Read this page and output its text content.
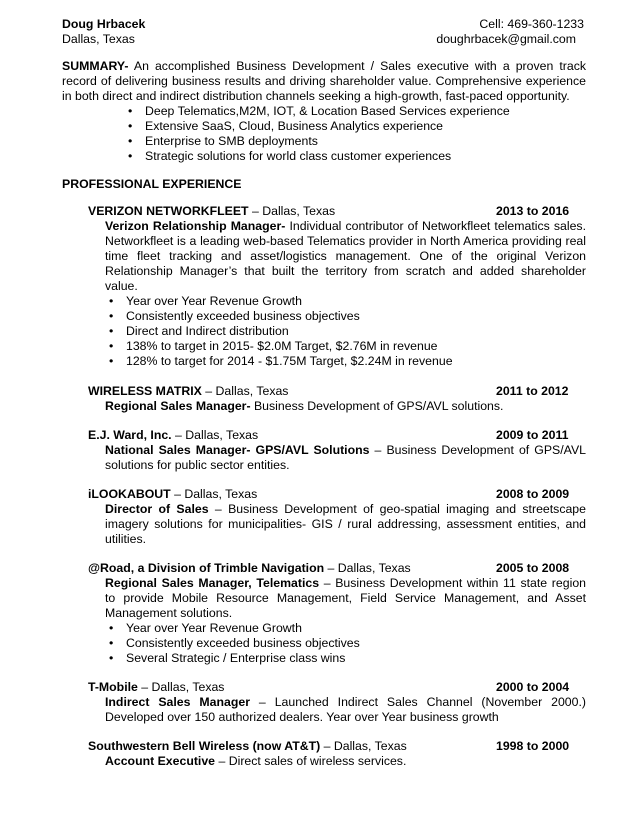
Doug Hrbacek	Cell: 469-360-1233
Dallas, Texas	doughrbacek@gmail.com
SUMMARY- An accomplished Business Development / Sales executive with a proven track record of delivering business results and driving shareholder value. Comprehensive experience in both direct and indirect distribution channels seeking a high-growth, fast-paced opportunity.
• Deep Telematics,M2M, IOT, & Location Based Services experience
• Extensive SaaS, Cloud, Business Analytics experience
• Enterprise to SMB deployments
• Strategic solutions for world class customer experiences
PROFESSIONAL EXPERIENCE
VERIZON NETWORKFLEET – Dallas, Texas	2013 to 2016
Verizon Relationship Manager- Individual contributor of Networkfleet telematics sales. Networkfleet is a leading web-based Telematics provider in North America providing real time fleet tracking and asset/logistics management. One of the original Verizon Relationship Manager’s that built the territory from scratch and added shareholder value.
• Year over Year Revenue Growth
• Consistently exceeded business objectives
• Direct and Indirect distribution
• 138% to target in 2015- $2.0M Target, $2.76M in revenue
• 128% to target for 2014 - $1.75M Target, $2.24M in revenue
WIRELESS MATRIX – Dallas, Texas	2011 to 2012
Regional Sales Manager- Business Development of GPS/AVL solutions.
E.J. Ward, Inc. – Dallas, Texas	2009 to 2011
National Sales Manager- GPS/AVL Solutions – Business Development of GPS/AVL solutions for public sector entities.
iLOOKABOUT – Dallas, Texas	2008 to 2009
Director of Sales – Business Development of geo-spatial imaging and streetscape imagery solutions for municipalities- GIS / rural addressing, assessment entities, and utilities.
@Road, a Division of Trimble Navigation – Dallas, Texas	2005 to 2008
Regional Sales Manager, Telematics – Business Development within 11 state region to provide Mobile Resource Management, Field Service Management, and Asset Management solutions.
• Year over Year Revenue Growth
• Consistently exceeded business objectives
• Several Strategic / Enterprise class wins
T-Mobile – Dallas, Texas	2000 to 2004
Indirect Sales Manager – Launched Indirect Sales Channel (November 2000.) Developed over 150 authorized dealers. Year over Year business growth
Southwestern Bell Wireless (now AT&T) – Dallas, Texas	1998 to 2000
Account Executive – Direct sales of wireless services.
